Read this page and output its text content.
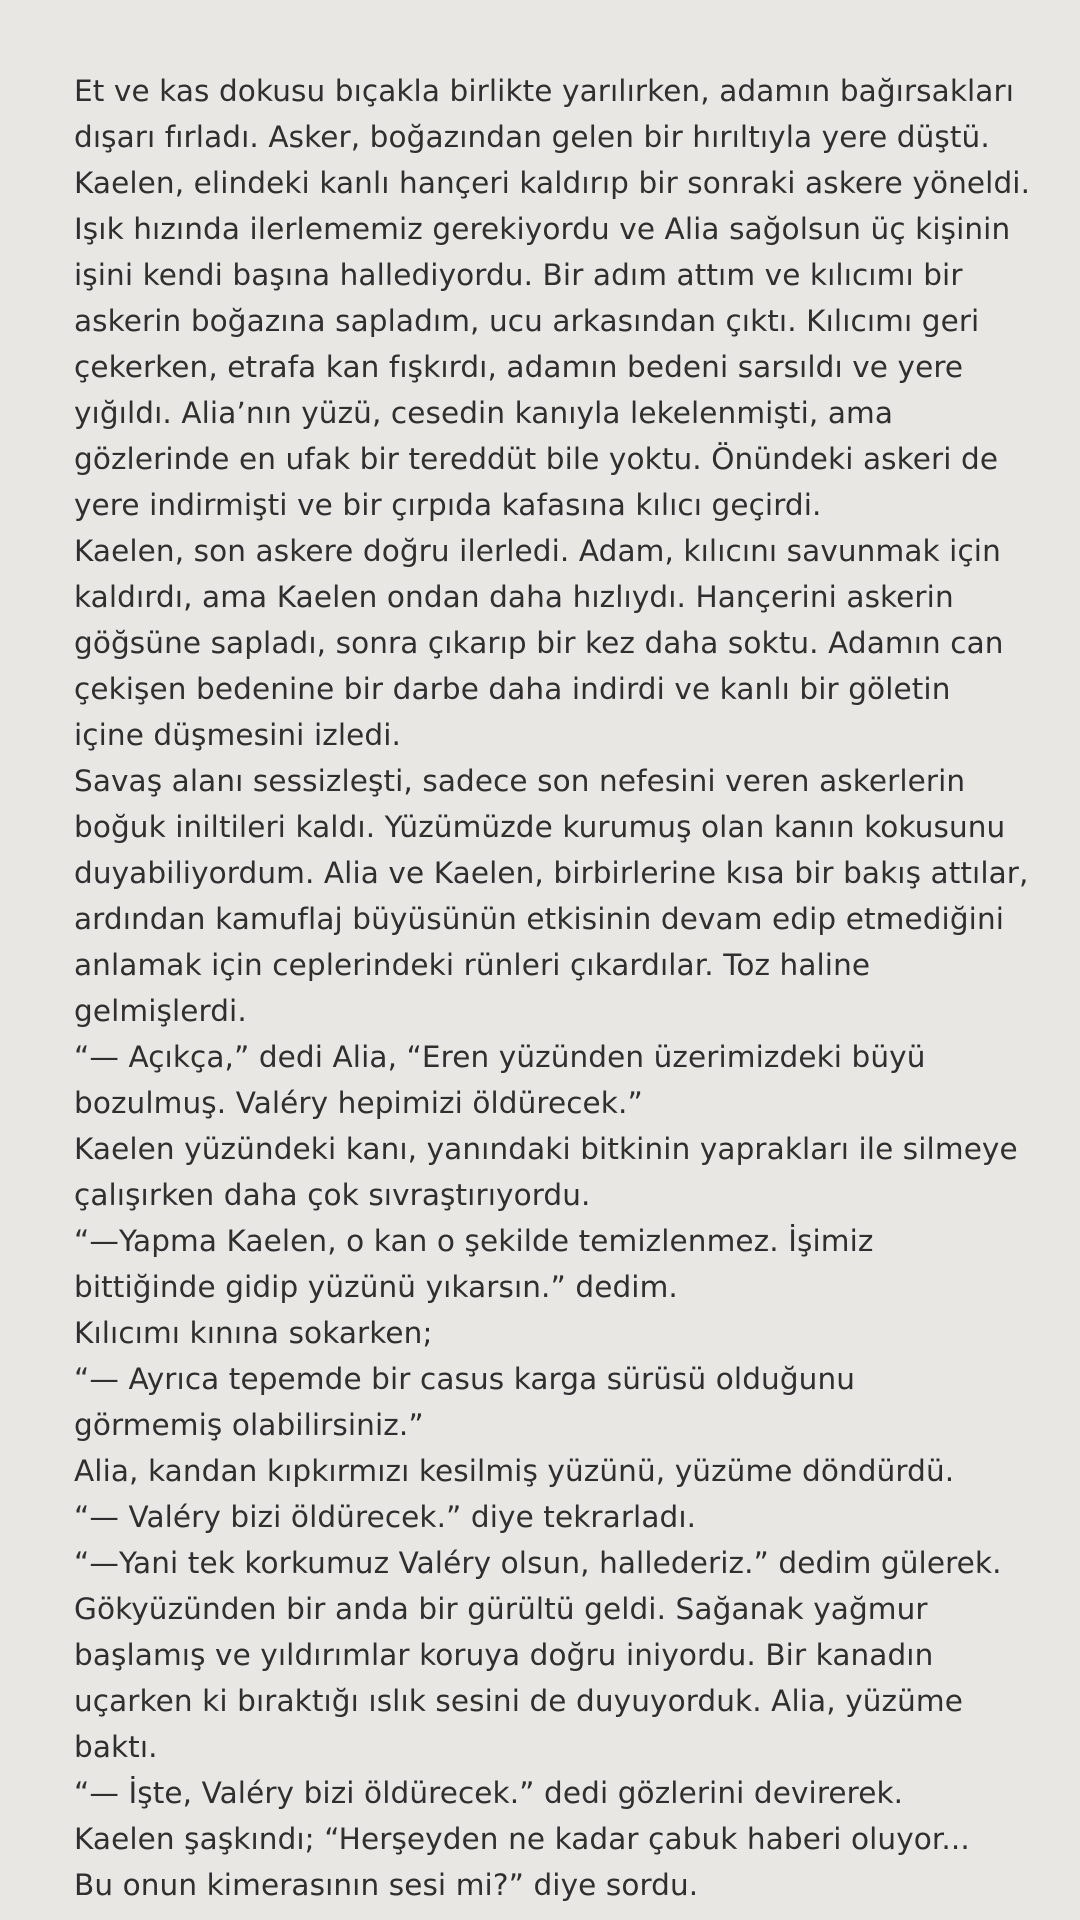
Et ve kas dokusu bıçakla birlikte yarılırken, adamın bağırsakları
dışarı fırladı. Asker, boğazından gelen bir hırıltıyla yere düştü.
Kaelen, elindeki kanlı hançeri kaldırıp bir sonraki askere yöneldi.
Işık hızında ilerlememiz gerekiyordu ve Alia sağolsun üç kişinin
işini kendi başına hallediyordu. Bir adım attım ve kılıcımı bir
askerin boğazına sapladım, ucu arkasından çıktı. Kılıcımı geri
çekerken, etrafa kan fışkırdı, adamın bedeni sarsıldı ve yere
yığıldı. Alia’nın yüzü, cesedin kanıyla lekelenmişti, ama
gözlerinde en ufak bir tereddüt bile yoktu. Önündeki askeri de
yere indirmişti ve bir çırpıda kafasına kılıcı geçirdi.
Kaelen, son askere doğru ilerledi. Adam, kılıcını savunmak için
kaldırdı, ama Kaelen ondan daha hızlıydı. Hançerini askerin
göğsüne sapladı, sonra çıkarıp bir kez daha soktu. Adamın can
çekişen bedenine bir darbe daha indirdi ve kanlı bir göletin
içine düşmesini izledi.
Savaş alanı sessizleşti, sadece son nefesini veren askerlerin
boğuk iniltileri kaldı. Yüzümüzde kurumuş olan kanın kokusunu
duyabiliyordum. Alia ve Kaelen, birbirlerine kısa bir bakış attılar,
ardından kamuflaj büyüsünün etkisinin devam edip etmediğini
anlamak için ceplerindeki rünleri çıkardılar. Toz haline
gelmişlerdi.
“— Açıkça,” dedi Alia, “Eren yüzünden üzerimizdeki büyü
bozulmuş. Valéry hepimizi öldürecek.”
Kaelen yüzündeki kanı, yanındaki bitkinin yaprakları ile silmeye
çalışırken daha çok sıvraştırıyordu.
“—Yapma Kaelen, o kan o şekilde temizlenmez. İşimiz
bittiğinde gidip yüzünü yıkarsın.” dedim.
Kılıcımı kınına sokarken;
“— Ayrıca tepemde bir casus karga sürüsü olduğunu
görmemiş olabilirsiniz.”
Alia, kandan kıpkırmızı kesilmiş yüzünü, yüzüme döndürdü.
“— Valéry bizi öldürecek.” diye tekrarladı.
“—Yani tek korkumuz Valéry olsun, hallederiz.” dedim gülerek.
Gökyüzünden bir anda bir gürültü geldi. Sağanak yağmur
başlamış ve yıldırımlar koruya doğru iniyordu. Bir kanadın
uçarken ki bıraktığı ıslık sesini de duyuyorduk. Alia, yüzüme
baktı.
“— İşte, Valéry bizi öldürecek.” dedi gözlerini devirerek.
Kaelen şaşkındı; “Herşeyden ne kadar çabuk haberi oluyor...
Bu onun kimerasının sesi mi?” diye sordu.
